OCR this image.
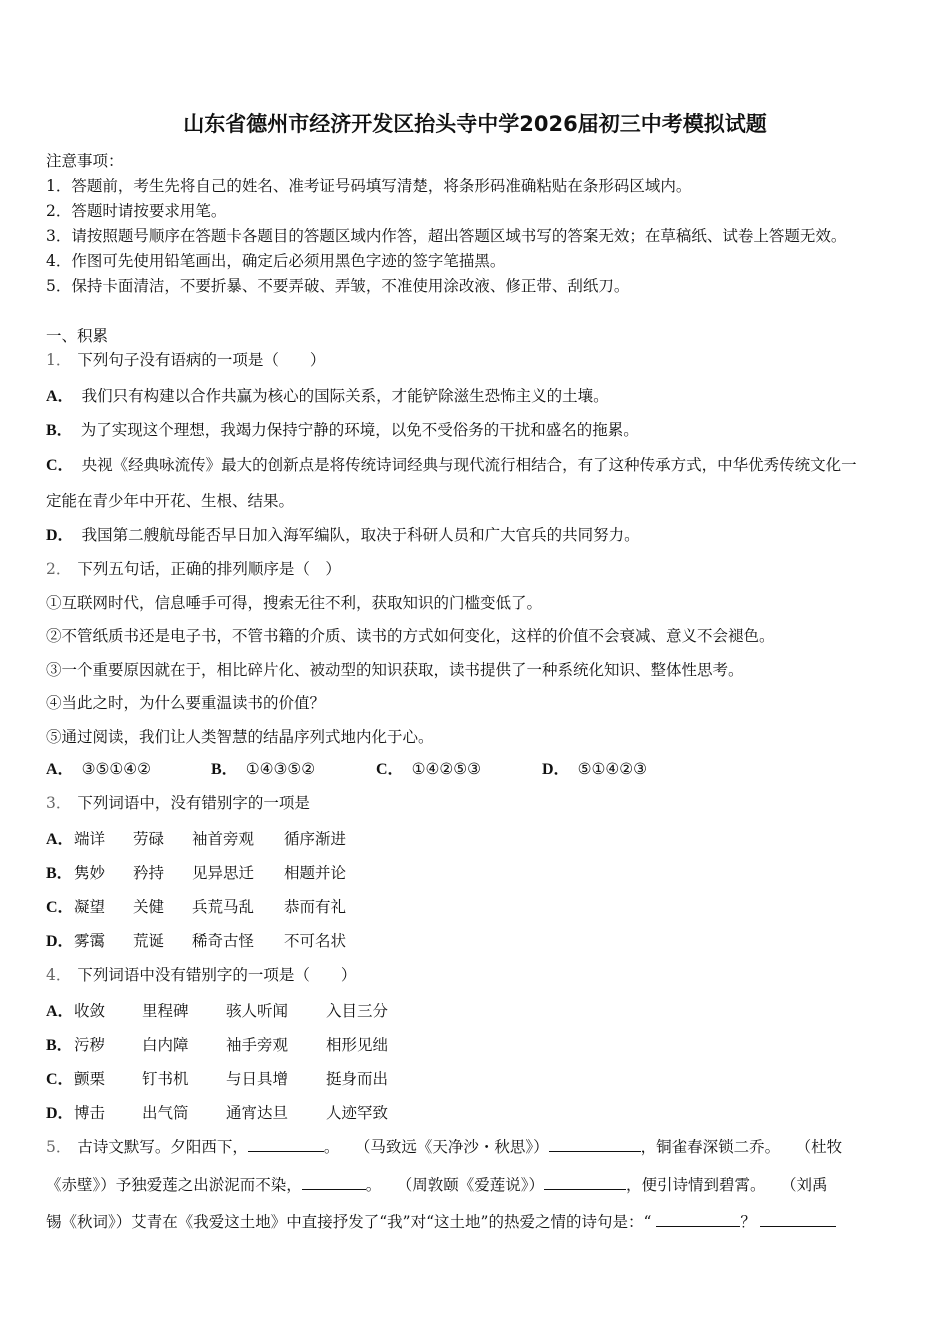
山东省德州市经济开发区抬头寺中学2026届初三中考模拟试题
注意事项：
1．答题前，考生先将自己的姓名、准考证号码填写清楚，将条形码准确粘贴在条形码区域内。
2．答题时请按要求用笔。
3．请按照题号顺序在答题卡各题目的答题区域内作答，超出答题区域书写的答案无效；在草稿纸、试卷上答题无效。
4．作图可先使用铅笔画出，确定后必须用黑色字迹的签字笔描黑。
5．保持卡面清洁，不要折暴、不要弄破、弄皱，不准使用涂改液、修正带、刮纸刀。
一、积累
1． 下列句子没有语病的一项是（　　）
A． 我们只有构建以合作共赢为核心的国际关系，才能铲除滋生恐怖主义的土壤。
B． 为了实现这个理想，我竭力保持宁静的环境，以免不受俗务的干扰和盛名的拖累。
C． 央视《经典咏流传》最大的创新点是将传统诗词经典与现代流行相结合，有了这种传承方式，中华优秀传统文化一
定能在青少年中开花、生根、结果。
D． 我国第二艘航母能否早日加入海军编队，取决于科研人员和广大官兵的共同努力。
2． 下列五句话，正确的排列顺序是（　）
①互联网时代，信息唾手可得，搜索无往不利，获取知识的门槛变低了。
②不管纸质书还是电子书，不管书籍的介质、读书的方式如何变化，这样的价值不会衰减、意义不会褪色。
③一个重要原因就在于，相比碎片化、被动型的知识获取，读书提供了一种系统化知识、整体性思考。
④当此之时，为什么要重温读书的价值？
⑤通过阅读，我们让人类智慧的结晶序列式地内化于心。
A． ③⑤①④②	B． ①④③⑤②	C． ①④②⑤③	D． ⑤①④②③
3． 下列词语中，没有错别字的一项是
A． 端详 劳碌 袖首旁观 循序渐进
B． 隽妙 矜持 见异思迁 相题并论
C． 凝望 关健 兵荒马乱 恭而有礼
D． 雾霭 荒诞 稀奇古怪 不可名状
4． 下列词语中没有错别字的一项是（　　）
A． 收敛 里程碑 骇人听闻 入目三分
B． 污秽 白内障 袖手旁观 相形见绌
C． 颤栗 钉书机 与日具增 挺身而出
D． 博击 出气筒 通宵达旦 人迹罕致
5． 古诗文默写。夕阳西下，	。　　（马致远《天净沙・秋思》）	，铜雀春深锁二乔。　　（杜牧
《赤壁》）予独爱莲之出淤泥而不染，	。　　（周敦颐《爱莲说》）	，便引诗情到碧霄。　　（刘禹
锡《秋词》）艾青在《我爱这土地》中直接抒发了“我”对“这土地”的热爱之情的诗句是：“	？
